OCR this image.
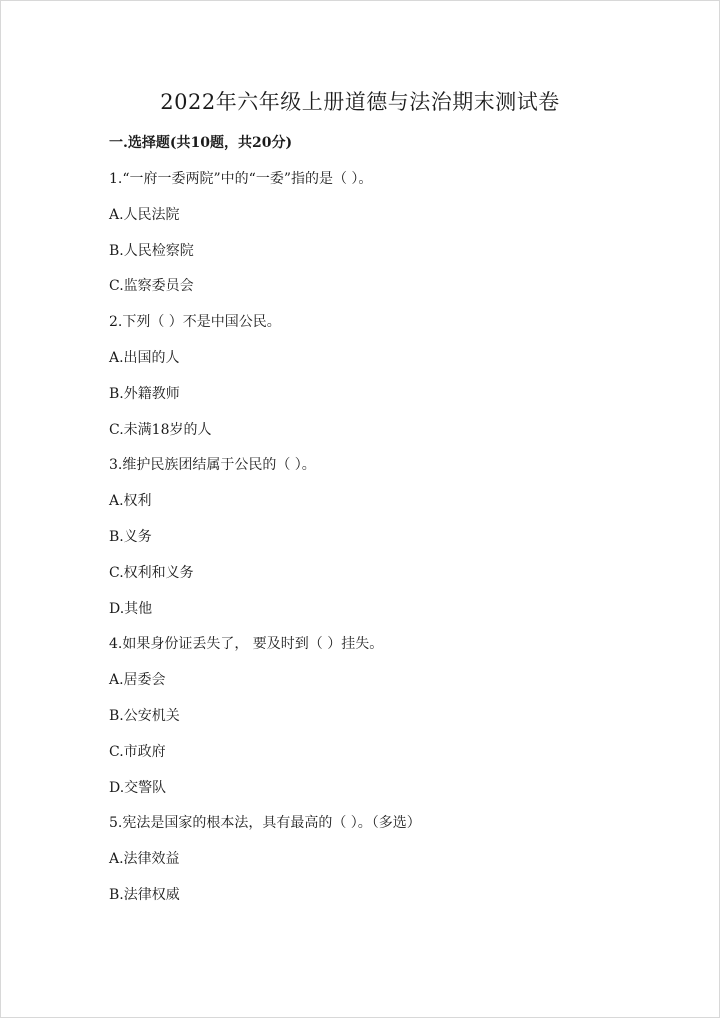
2022年六年级上册道德与法治期末测试卷
一.选择题(共10题，共20分)
1.“一府一委两院”中的“一委”指的是（ ）。
A.人民法院
B.人民检察院
C.监察委员会
2.下列（ ）不是中国公民。
A.出国的人
B.外籍教师
C.未满18岁的人
3.维护民族团结属于公民的（ ）。
A.权利
B.义务
C.权利和义务
D.其他
4.如果身份证丢失了， 要及时到（ ）挂失。
A.居委会
B.公安机关
C.市政府
D.交警队
5.宪法是国家的根本法，具有最高的（ ）。（多选）
A.法律效益
B.法律权威
